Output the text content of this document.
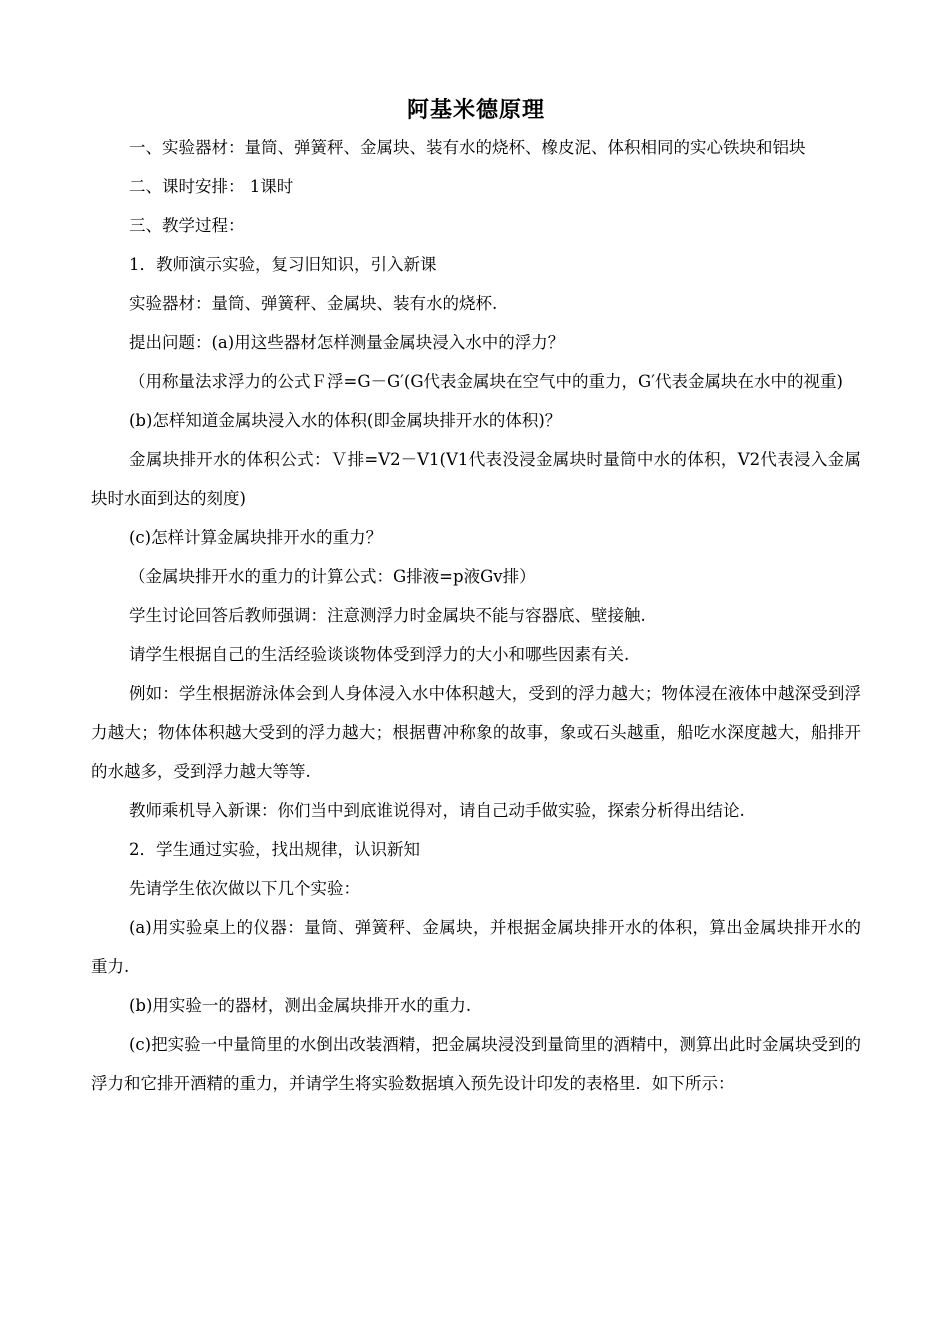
阿基米德原理

一、实验器材：量筒、弹簧秤、金属块、装有水的烧杯、橡皮泥、体积相同的实心铁块和铝块

二、课时安排： 1课时

三、教学过程：

1．教师演示实验，复习旧知识，引入新课

实验器材：量筒、弹簧秤、金属块、装有水的烧杯.

提出问题：(a)用这些器材怎样测量金属块浸入水中的浮力？

（用称量法求浮力的公式Ｆ浮=G－G′(G代表金属块在空气中的重力，G′代表金属块在水中的视重)

(b)怎样知道金属块浸入水的体积(即金属块排开水的体积)？

金属块排开水的体积公式：Ｖ排=V2－V1(V1代表没浸金属块时量筒中水的体积，V2代表浸入金属块时水面到达的刻度)

(c)怎样计算金属块排开水的重力？

（金属块排开水的重力的计算公式：G排液=p液Gv排）

学生讨论回答后教师强调：注意测浮力时金属块不能与容器底、壁接触.

请学生根据自己的生活经验谈谈物体受到浮力的大小和哪些因素有关.

例如：学生根据游泳体会到人身体浸入水中体积越大，受到的浮力越大；物体浸在液体中越深受到浮力越大；物体体积越大受到的浮力越大；根据曹冲称象的故事，象或石头越重，船吃水深度越大，船排开的水越多，受到浮力越大等等.

教师乘机导入新课：你们当中到底谁说得对，请自己动手做实验，探索分析得出结论.

2．学生通过实验，找出规律，认识新知

先请学生依次做以下几个实验：

(a)用实验桌上的仪器：量筒、弹簧秤、金属块，并根据金属块排开水的体积，算出金属块排开水的重力.

(b)用实验一的器材，测出金属块排开水的重力.

(c)把实验一中量筒里的水倒出改装酒精，把金属块浸没到量筒里的酒精中，测算出此时金属块受到的浮力和它排开酒精的重力，并请学生将实验数据填入预先设计印发的表格里．如下所示：
